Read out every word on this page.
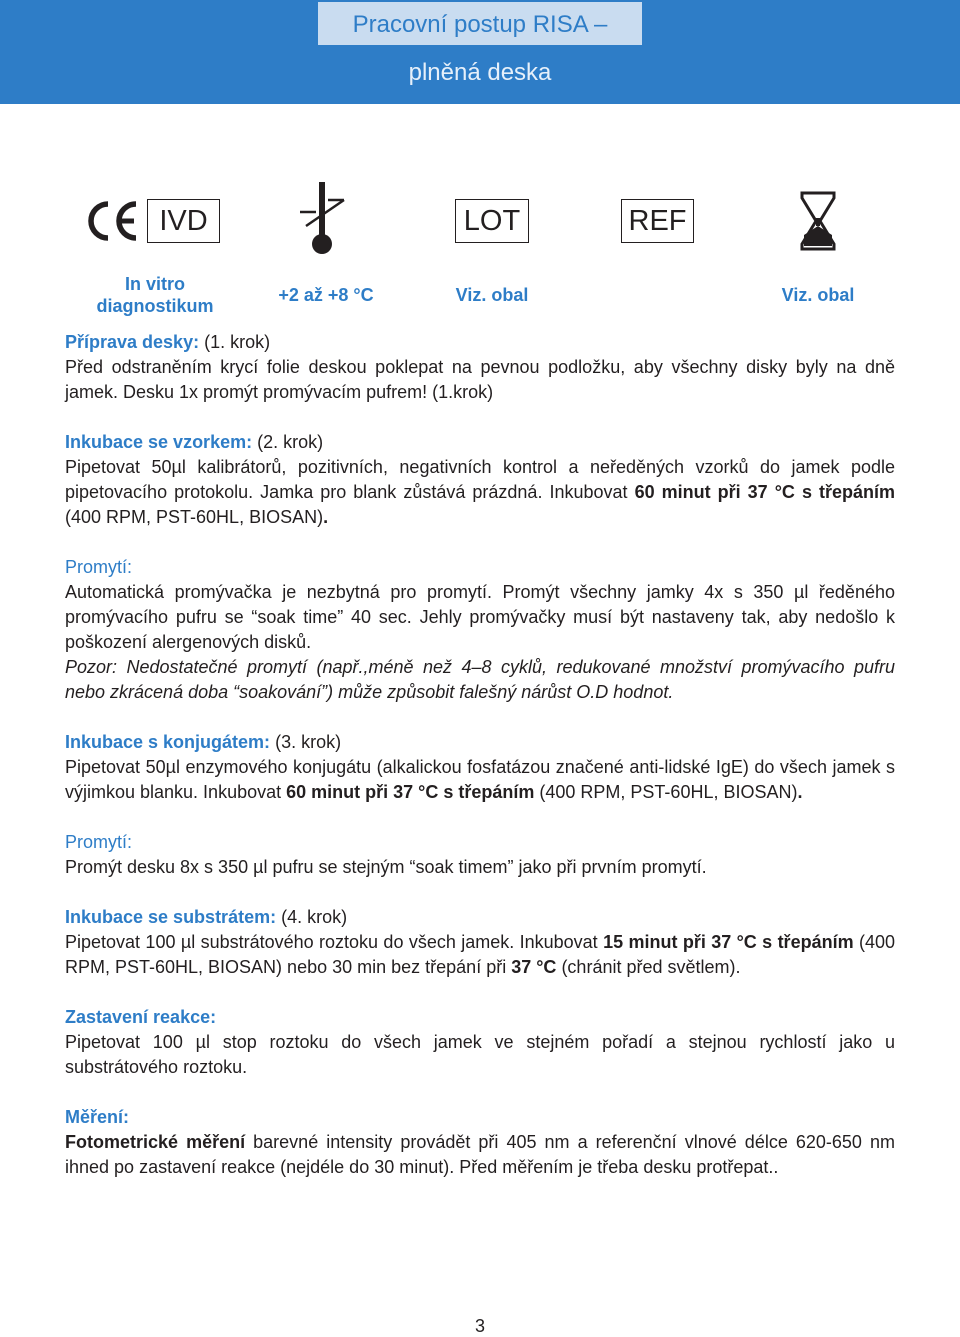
Pracovní postup RISA –
plněná deska
IVD	LOT	REF
In vitro
diagnostikum
+2 až +8 °C	Viz. obal	Viz. obal

Příprava desky: (1. krok)

Před odstraněním krycí folie deskou poklepat na pevnou podložku, aby všechny disky byly na dně jamek. Desku 1x promýt promývacím pufrem! (1.krok)

Inkubace se vzorkem: (2. krok)

Pipetovat 50µl kalibrátorů, pozitivních, negativních kontrol a neředěných vzorků do jamek podle pipetovacího protokolu. Jamka pro blank zůstává prázdná. Inkubovat 60 minut při 37 °C s třepáním (400 RPM, PST-60HL, BIOSAN).

Promytí:

Automatická promývačka je nezbytná pro promytí. Promýt všechny jamky 4x s 350 µl ředěného promývacího pufru se “soak time” 40 sec. Jehly promývačky musí být nastaveny tak, aby nedošlo k poškození alergenových disků.

Pozor: Nedostatečné promytí (např.,méně než 4–8 cyklů, redukované množství promývacího pufru nebo zkrácená doba “soakování”) může způsobit falešný nárůst O.D hodnot.

Inkubace s konjugátem: (3. krok)

Pipetovat 50µl enzymového konjugátu (alkalickou fosfatázou značené anti-lidské IgE) do všech jamek s výjimkou blanku. Inkubovat 60 minut při 37 °C s třepáním (400 RPM, PST-60HL, BIOSAN).

Promytí:

Promýt desku 8x s 350 µl pufru se stejným “soak timem” jako při prvním promytí.

Inkubace se substrátem: (4. krok)

Pipetovat 100 µl substrátového roztoku do všech jamek. Inkubovat 15 minut při 37 °C s třepáním (400 RPM, PST-60HL, BIOSAN) nebo 30 min bez třepání při 37 °C (chránit před světlem).

Zastavení reakce:

Pipetovat 100 µl stop roztoku do všech jamek ve stejném pořadí a stejnou rychlostí jako u substrátového roztoku.

Měření:

Fotometrické měření barevné intensity provádět při 405 nm a referenční vlnové délce 620-650 nm ihned po zastavení reakce (nejdéle do 30 minut). Před měřením je třeba desku protřepat..

3
